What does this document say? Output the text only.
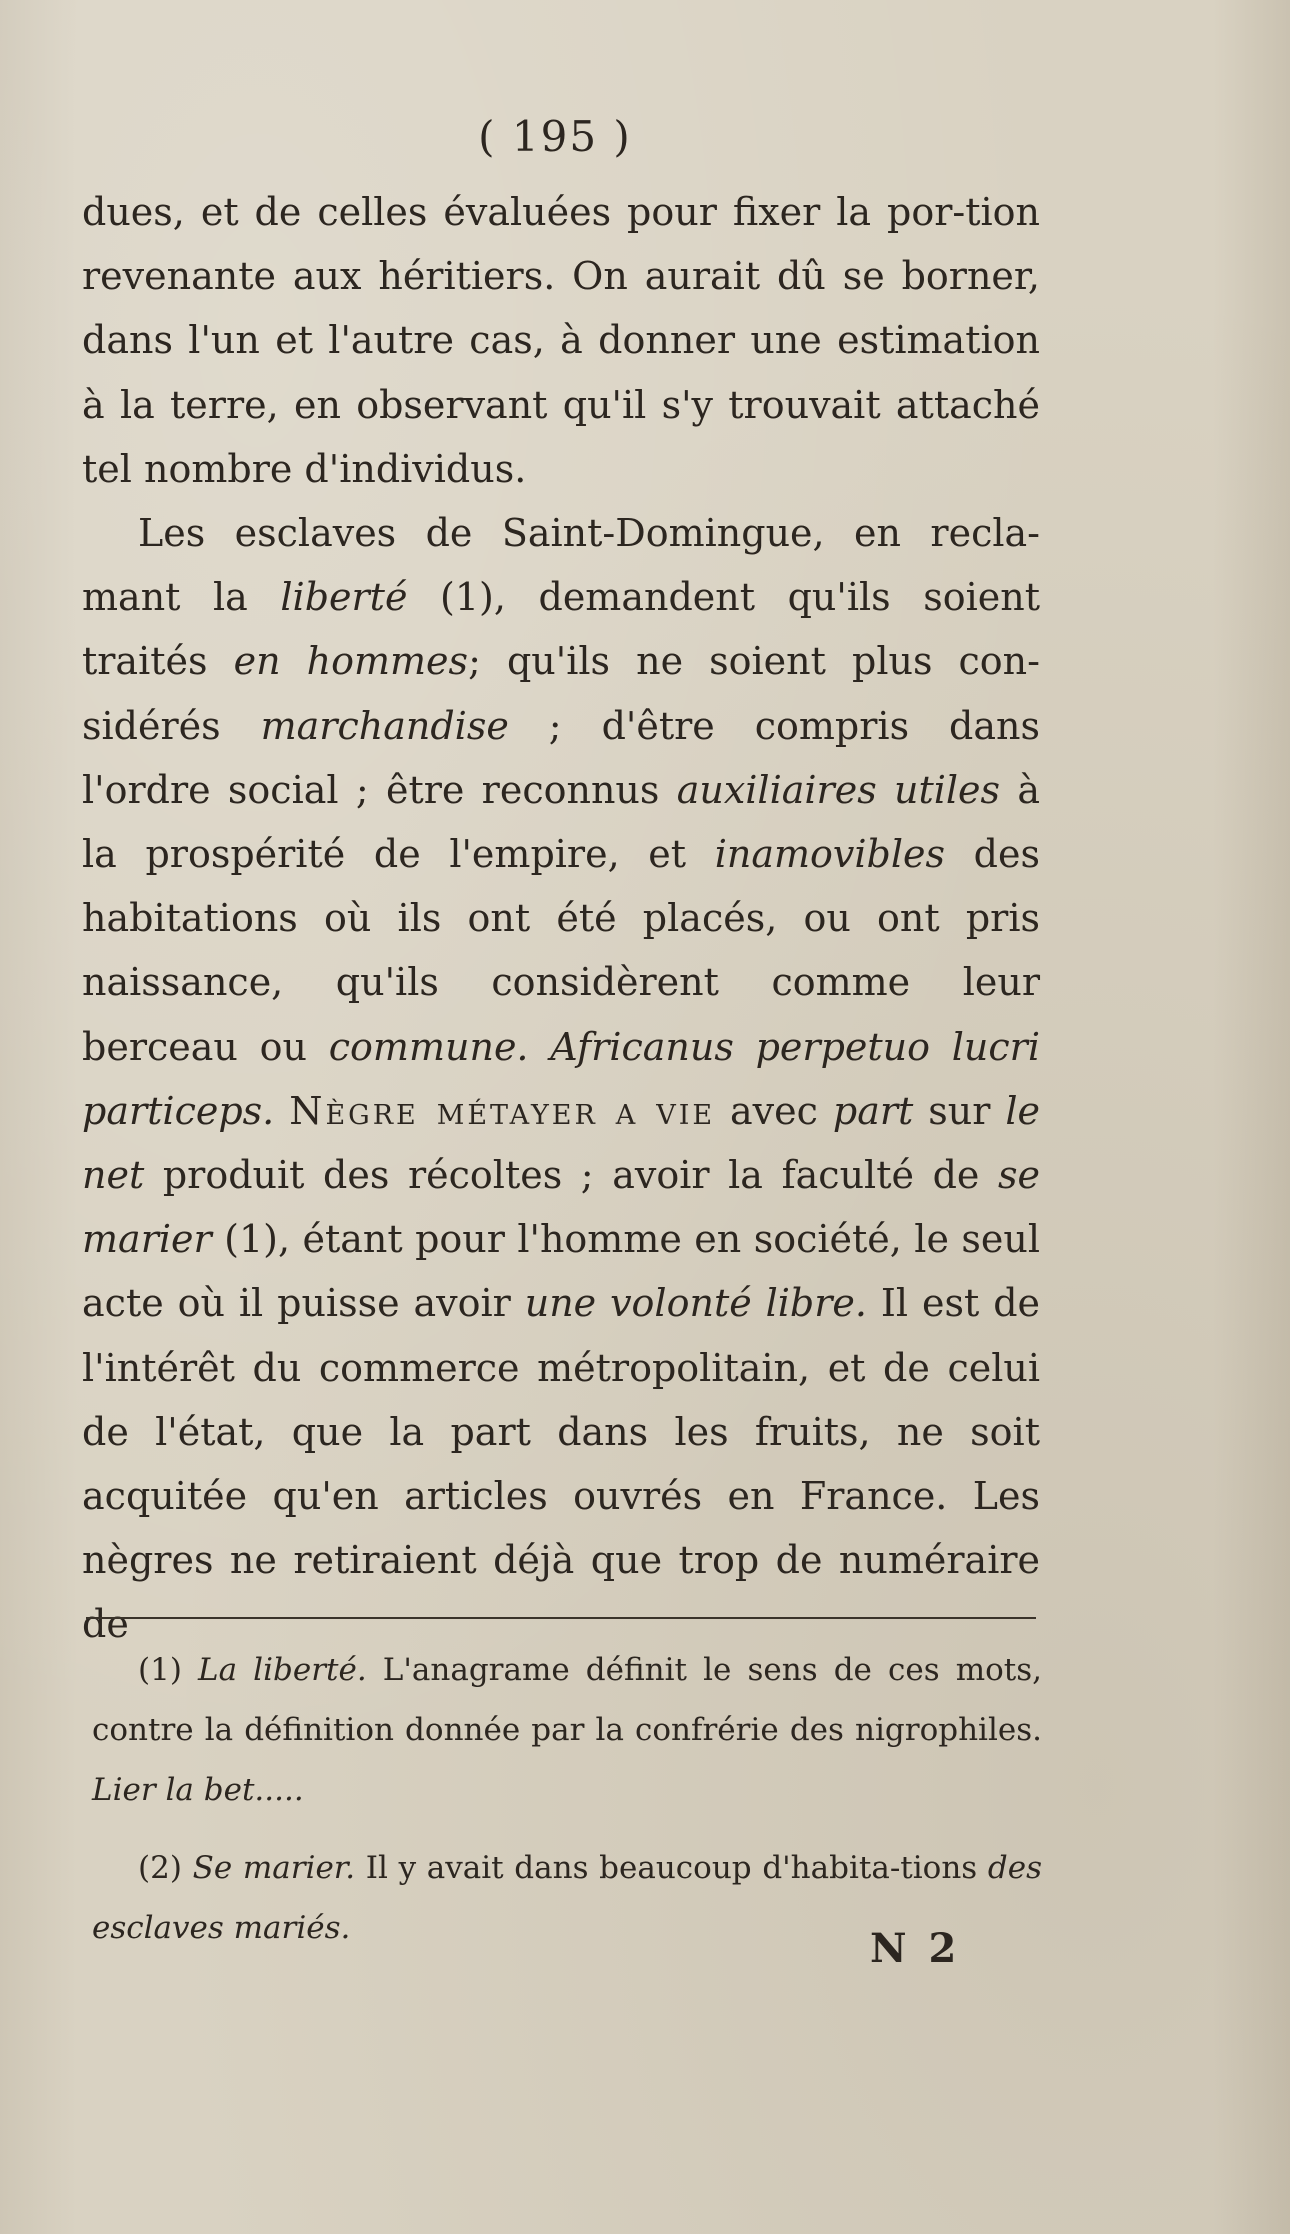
( 195 )

dues, et de celles évaluées pour fixer la por-tion revenante aux héritiers. On aurait dû se borner, dans l'un et l'autre cas, à donner une estimation à la terre, en observant qu'il s'y trouvait attaché tel nombre d'individus.

Les esclaves de Saint-Domingue, en recla-mant la liberté (1), demandent qu'ils soient traités en hommes; qu'ils ne soient plus con-sidérés marchandise ; d'être compris dans l'ordre social ; être reconnus auxiliaires utiles à la prospérité de l'empire, et inamovibles des habitations où ils ont été placés, ou ont pris naissance, qu'ils considèrent comme leur berceau ou commune. Africanus perpetuo lucri particeps. Nègre métayer a vie avec part sur le net produit des récoltes ; avoir la faculté de se marier (1), étant pour l'homme en société, le seul acte où il puisse avoir une volonté libre. Il est de l'intérêt du commerce métropolitain, et de celui de l'état, que la part dans les fruits, ne soit acquitée qu'en articles ouvrés en France. Les nègres ne retiraient déjà que trop de numéraire de

(1) La liberté. L'anagrame définit le sens de ces mots, contre la définition donnée par la confrérie des nigrophiles. Lier la bet.....

(2) Se marier. Il y avait dans beaucoup d'habita-tions des esclaves mariés.	N 2
